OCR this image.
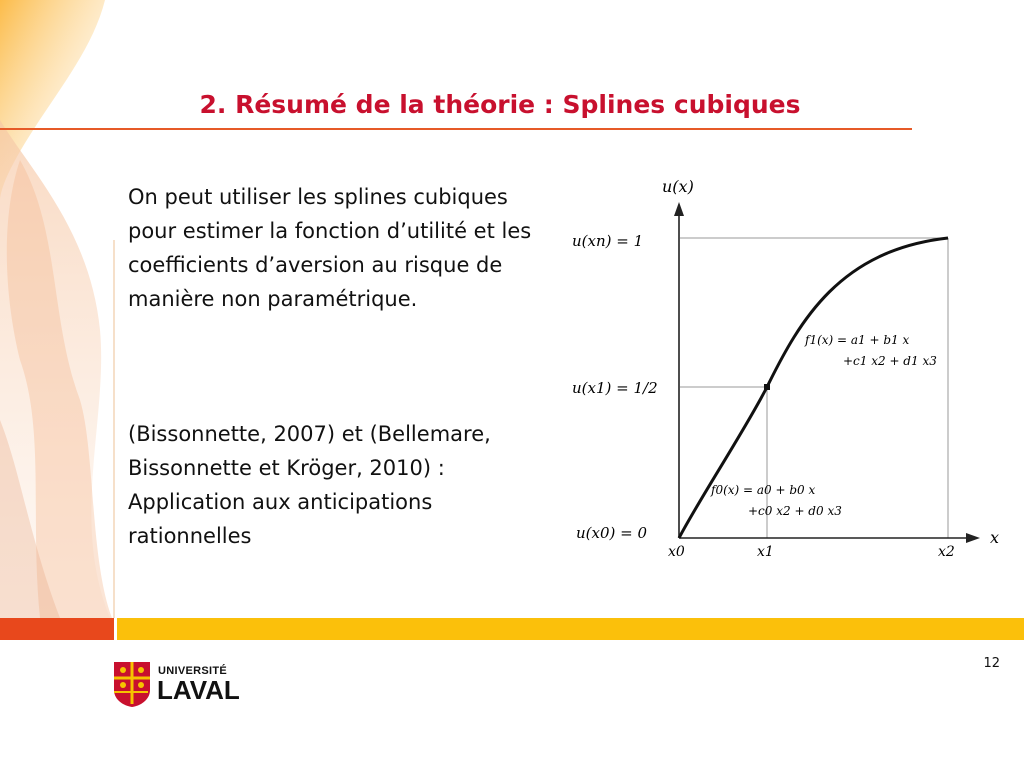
2. Résumé de la théorie : Splines cubiques

On peut utiliser les splines cubiques pour estimer la fonction d’utilité et les coefficients d’aversion au risque de manière non paramétrique.

(Bissonnette, 2007) et (Bellemare, Bissonnette et Kröger, 2010) : Application aux anticipations rationnelles

u(x)
x
u(xn) = 1
u(x1) = 1/2
u(x0) = 0
x0	x1	x2
f1(x) = a1 + b1 x
+c1 x2 + d1 x3
f0(x) = a0 + b0 x
+c0 x2 + d0 x3
UNIVERSITÉ
LAVAL
12
